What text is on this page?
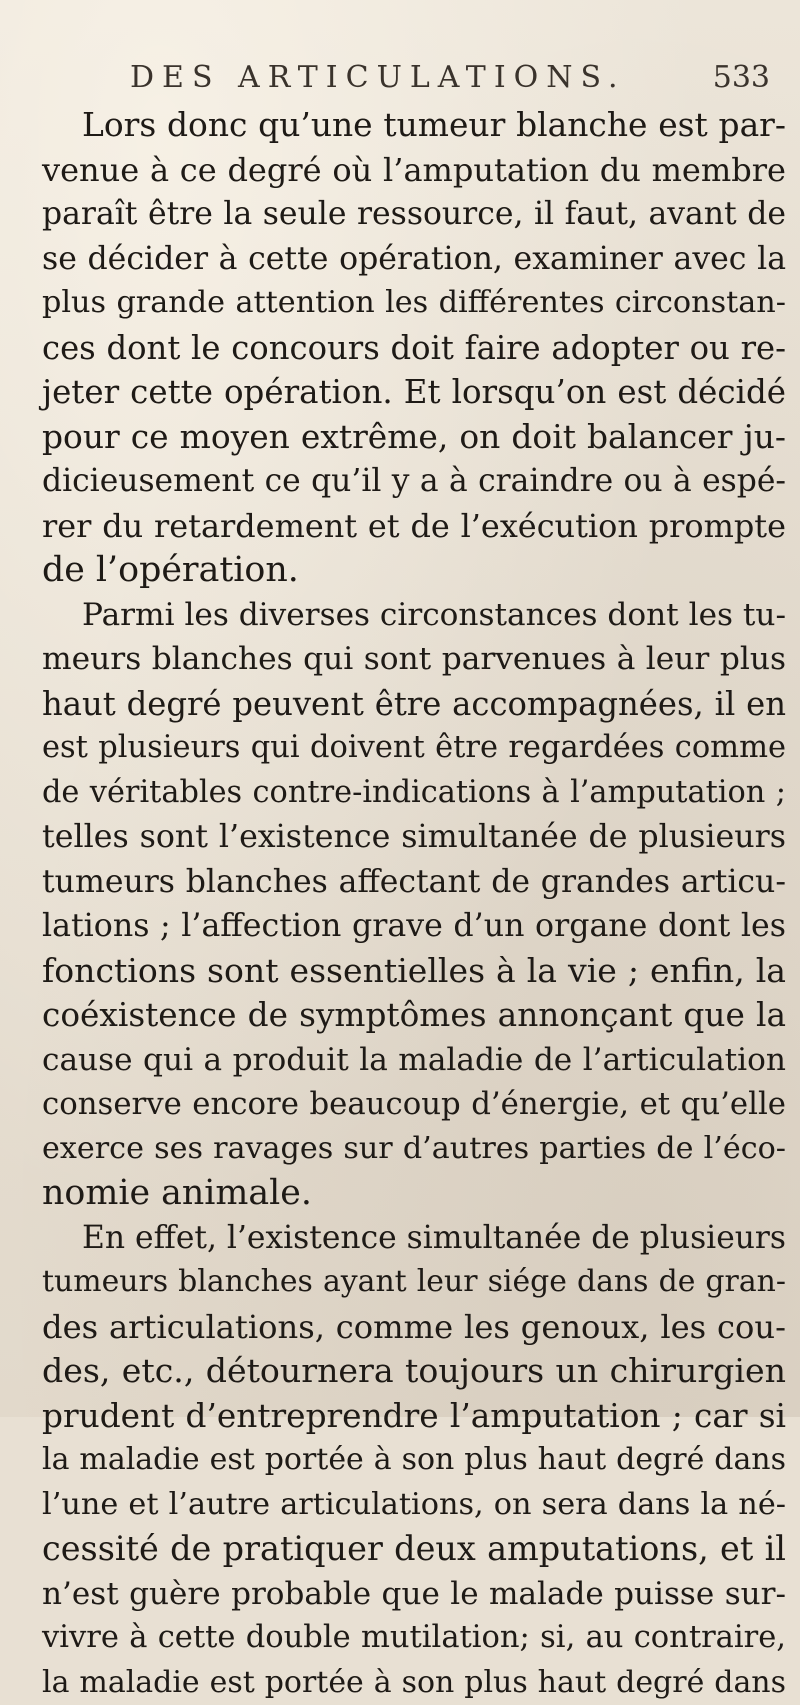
DES ARTICULATIONS.	533
Lors donc qu’une tumeur blanche est par-
venue à ce degré où l’amputation du membre
paraît être la seule ressource, il faut, avant de
se décider à cette opération, examiner avec la
plus grande attention les différentes circonstan-
ces dont le concours doit faire adopter ou re-
jeter cette opération. Et lorsqu’on est décidé
pour ce moyen extrême, on doit balancer ju-
dicieusement ce qu’il y a à craindre ou à espé-
rer du retardement et de l’exécution prompte
de l’opération.
Parmi les diverses circonstances dont les tu-
meurs blanches qui sont parvenues à leur plus
haut degré peuvent être accompagnées, il en
est plusieurs qui doivent être regardées comme
de véritables contre-indications à l’amputation ;
telles sont l’existence simultanée de plusieurs
tumeurs blanches affectant de grandes articu-
lations ; l’affection grave d’un organe dont les
fonctions sont essentielles à la vie ; enfin, la
coéxistence de symptômes annonçant que la
cause qui a produit la maladie de l’articulation
conserve encore beaucoup d’énergie, et qu’elle
exerce ses ravages sur d’autres parties de l’éco-
nomie animale.
En effet, l’existence simultanée de plusieurs
tumeurs blanches ayant leur siége dans de gran-
des articulations, comme les genoux, les cou-
des, etc., détournera toujours un chirurgien
prudent d’entreprendre l’amputation ; car si
la maladie est portée à son plus haut degré dans
l’une et l’autre articulations, on sera dans la né-
cessité de pratiquer deux amputations, et il
n’est guère probable que le malade puisse sur-
vivre à cette double mutilation; si, au contraire,
la maladie est portée à son plus haut degré dans
